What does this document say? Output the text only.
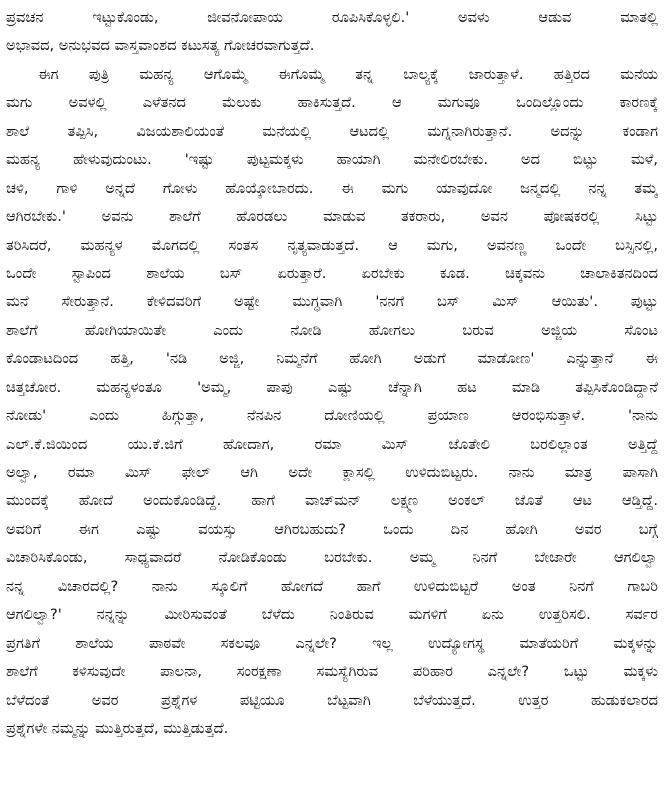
ಪ್ರವಚನ ಇಟ್ಟುಕೊಂಡು, ಜೀವನೋಪಾಯ ರೂಪಿಸಿಕೊಳ್ಳಲಿ.' ಅವಳು ಆಡುವ ಮಾತಲ್ಲಿ
ಅಭಾವದ, ಅನುಭವದ ವಾಸ್ತವಾಂಶದ ಕಟುಸತ್ಯ ಗೋಚರವಾಗುತ್ತದೆ.
ಈಗ ಪುತ್ರಿ ಮಹನ್ಯ ಆಗೊಮ್ಮೆ ಈಗೊಮ್ಮೆ ತನ್ನ ಬಾಲ್ಯಕ್ಕೆ ಜಾರುತ್ತಾಳೆ. ಹತ್ತಿರದ ಮನೆಯ
ಮಗು ಅವಳಲ್ಲಿ ಎಳೆತನದ ಮೆಲುಕು ಹಾಕಿಸುತ್ತದೆ. ಆ ಮಗುವೂ ಒಂದಿಲ್ಲೊಂದು ಕಾರಣಕ್ಕೆ
ಶಾಲೆ ತಪ್ಪಿಸಿ, ವಿಜಯಶಾಲಿಯಂತೆ ಮನೆಯಲ್ಲಿ ಆಟದಲ್ಲಿ ಮಗ್ನನಾಗಿರುತ್ತಾನೆ. ಅದನ್ನು ಕಂಡಾಗ
ಮಹನ್ಯ ಹೇಳುವುದುಂಟು. 'ಇಷ್ಟು ಪುಟ್ಟಮಕ್ಕಳು ಹಾಯಾಗಿ ಮನೇಲಿರಬೇಕು. ಅದ ಬಿಟ್ಟು ಮಳೆ,
ಚಳಿ, ಗಾಳಿ ಅನ್ನದೆ ಗೋಳು ಹೊಯ್ಕೋಬಾರದು. ಈ ಮಗು ಯಾವುದೋ ಜನ್ಮದಲ್ಲಿ ನನ್ನ ತಮ್ಮ
ಆಗಿರಬೇಕು.' ಅವನು ಶಾಲೆಗೆ ಹೊರಡಲು ಮಾಡುವ ತಕರಾರು, ಅವನ ಪೋಷಕರಲ್ಲಿ ಸಿಟ್ಟು
ತರಿಸಿದರೆ, ಮಹನ್ಯಳ ಮೊಗದಲ್ಲಿ ಸಂತಸ ನೃತ್ಯವಾಡುತ್ತದೆ. ಆ ಮಗು, ಅವನಣ್ಣ ಒಂದೇ ಬಸ್ಸಿನಲ್ಲಿ,
ಒಂದೇ ಸ್ಟಾಪಿಂದ ಶಾಲೆಯ ಬಸ್ ಏರುತ್ತಾರೆ. ಏರಬೇಕು ಕೂಡ. ಚಿಕ್ಕವನು ಚಾಲಾಕಿತನದಿಂದ
ಮನೆ ಸೇರುತ್ತಾನೆ. ಕೇಳಿದವರಿಗೆ ಅಷ್ಟೇ ಮುಗ್ಧವಾಗಿ 'ನನಗೆ ಬಸ್ ಮಿಸ್ ಆಯಿತು'. ಪುಟ್ಟು
ಶಾಲೆಗೆ ಹೋಗಿಯಾಯಿತೇ ಎಂದು ನೋಡಿ ಹೋಗಲು ಬರುವ ಅಜ್ಜಿಯ ಸೊಂಟ
ಕೊಂಡಾಟದಿಂದ ಹತ್ತಿ, 'ನಡಿ ಅಜ್ಜಿ, ನಿಮ್ಮನೆಗೆ ಹೋಗಿ ಅಡುಗೆ ಮಾಡೋಣ' ಎನ್ನುತ್ತಾನೆ ಈ
ಚಿತ್ತಚೋರ. ಮಹನ್ಯಳಂತೂ 'ಅಮ್ಮ, ಪಾಪು ಎಷ್ಟು ಚೆನ್ನಾಗಿ ಹಟ ಮಾಡಿ ತಪ್ಪಿಸಿಕೊಂಡಿದ್ದಾನೆ
ನೋಡು' ಎಂದು ಹಿಗ್ಗುತ್ತಾ, ನೆನಪಿನ ದೋಣಿಯಲ್ಲಿ ಪ್ರಯಾಣ ಆರಂಭಿಸುತ್ತಾಳೆ. 'ನಾನು
ಎಲ್.ಕೆ.ಜಿಯಿಂದ ಯು.ಕೆ.ಜಿಗೆ ಹೋದಾಗ, ರಮಾ ಮಿಸ್ ಜೊತೇಲಿ ಬರಲಿಲ್ಲಾಂತ ಅತ್ತಿದ್ದೆ
ಅಲ್ವಾ, ರಮಾ ಮಿಸ್ ಫೇಲ್ ಆಗಿ ಅದೇ ಕ್ಲಾಸಲ್ಲಿ ಉಳಿದುಬಿಟ್ಟರು. ನಾನು ಮಾತ್ರ ಪಾಸಾಗಿ
ಮುಂದಕ್ಕೆ ಹೋದೆ ಅಂದುಕೊಂಡಿದ್ದೆ. ಹಾಗೆ ವಾಚ್‌ಮನ್ ಲಕ್ಷ್ಮಣ ಅಂಕಲ್ ಜೊತೆ ಆಟ ಆಡ್ತಿದ್ದೆ.
ಅವರಿಗೆ ಈಗ ಎಷ್ಟು ವಯಸ್ಸು ಆಗಿರಬಹುದು? ಒಂದು ದಿನ ಹೋಗಿ ಅವರ ಬಗ್ಗೆ
ವಿಚಾರಿಸಿಕೊಂಡು, ಸಾಧ್ಯವಾದರೆ ನೋಡಿಕೊಂಡು ಬರಬೇಕು. ಅಮ್ಮ ನಿನಗೆ ಬೇಜಾರೇ ಆಗಲಿಲ್ವಾ
ನನ್ನ ವಿಚಾರದಲ್ಲಿ? ನಾನು ಸ್ಕೂಲಿಗೆ ಹೋಗದೆ ಹಾಗೆ ಉಳಿದುಬಿಟ್ಟರೆ ಅಂತ ನಿನಗೆ ಗಾಬರಿ
ಆಗಲಿಲ್ವಾ?' ನನ್ನನ್ನು ಮೀರಿಸುವಂತೆ ಬೆಳೆದು ನಿಂತಿರುವ ಮಗಳಿಗೆ ಏನು ಉತ್ತರಿಸಲಿ. ಸರ್ವರ
ಪ್ರಗತಿಗೆ ಶಾಲೆಯ ಪಾಠವೇ ಸಕಲವೂ ಎನ್ನಲೇ? ಇಲ್ಲ ಉದ್ಯೋಗಸ್ಥ ಮಾತೆಯರಿಗೆ ಮಕ್ಕಳನ್ನು
ಶಾಲೆಗೆ ಕಳಿಸುವುದೇ ಪಾಲನಾ, ಸಂರಕ್ಷಣಾ ಸಮಸ್ಯೆಗಿರುವ ಪರಿಹಾರ ಎನ್ನಲೇ? ಒಟ್ಟು ಮಕ್ಕಳು
ಬೆಳೆದಂತೆ ಅವರ ಪ್ರಶ್ನೆಗಳ ಪಟ್ಟಿಯೂ ಬೆಟ್ಟವಾಗಿ ಬೆಳೆಯುತ್ತದೆ. ಉತ್ತರ ಹುಡುಕಲಾರದ
ಪ್ರಶ್ನೆಗಳೇ ನಮ್ಮನ್ನು ಮುತ್ತಿರುತ್ತದೆ, ಮುತ್ತಿಡುತ್ತದೆ.
